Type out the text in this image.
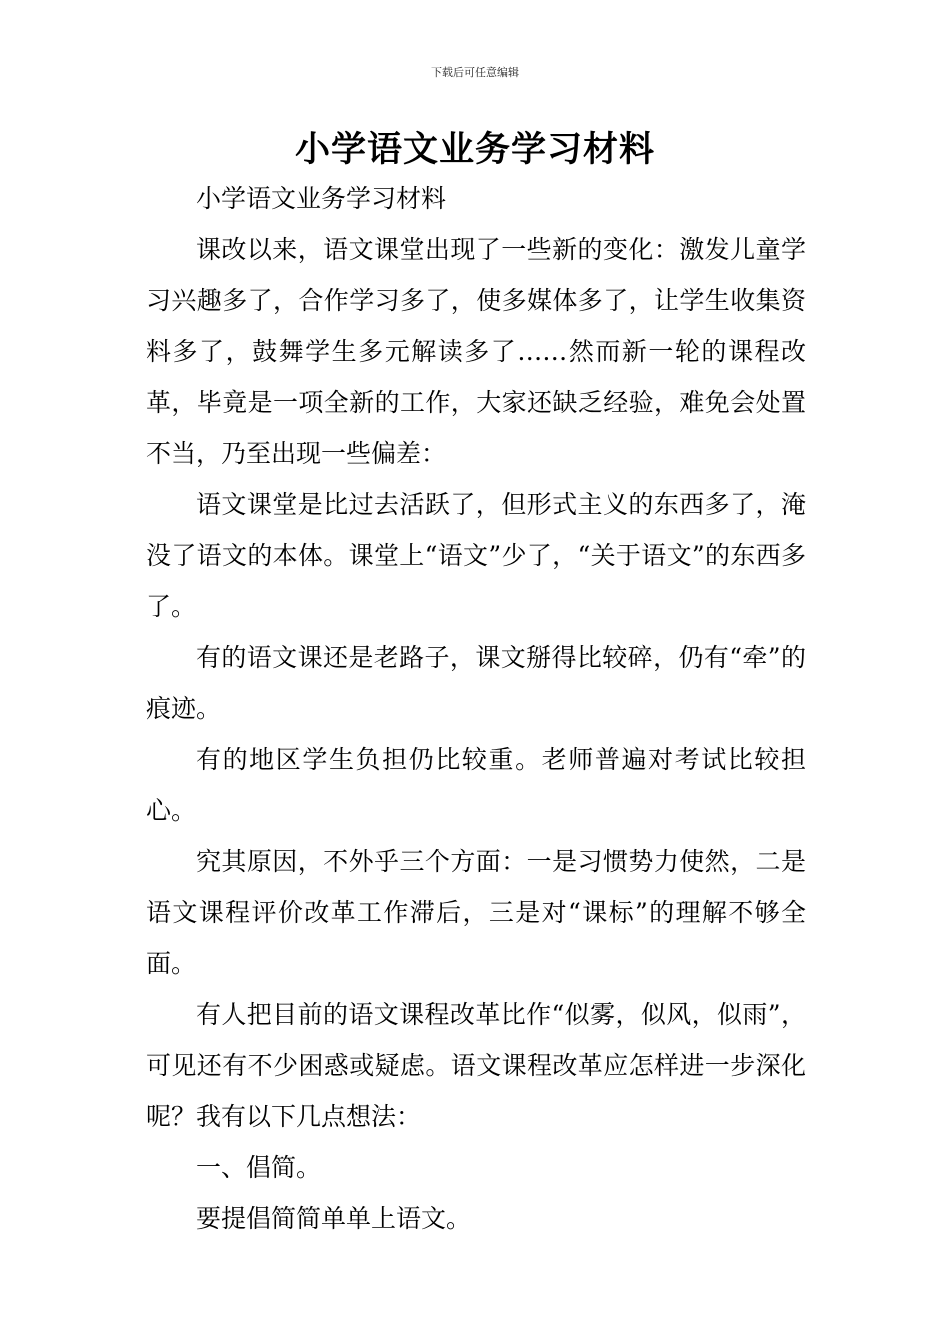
下载后可任意编辑
小学语文业务学习材料

小学语文业务学习材料

课改以来，语文课堂出现了一些新的变化：激发儿童学习兴趣多了，合作学习多了，使多媒体多了，让学生收集资料多了，鼓舞学生多元解读多了……然而新一轮的课程改革，毕竟是一项全新的工作，大家还缺乏经验，难免会处置不当，乃至出现一些偏差：

语文课堂是比过去活跃了，但形式主义的东西多了，淹没了语文的本体。课堂上“语文”少了，“关于语文”的东西多了。

有的语文课还是老路子，课文掰得比较碎，仍有“牵”的痕迹。

有的地区学生负担仍比较重。老师普遍对考试比较担心。

究其原因，不外乎三个方面：一是习惯势力使然，二是语文课程评价改革工作滞后，三是对“课标”的理解不够全面。

有人把目前的语文课程改革比作“似雾，似风，似雨”，可见还有不少困惑或疑虑。语文课程改革应怎样进一步深化呢？我有以下几点想法：

一、倡简。

要提倡简简单单上语文。
